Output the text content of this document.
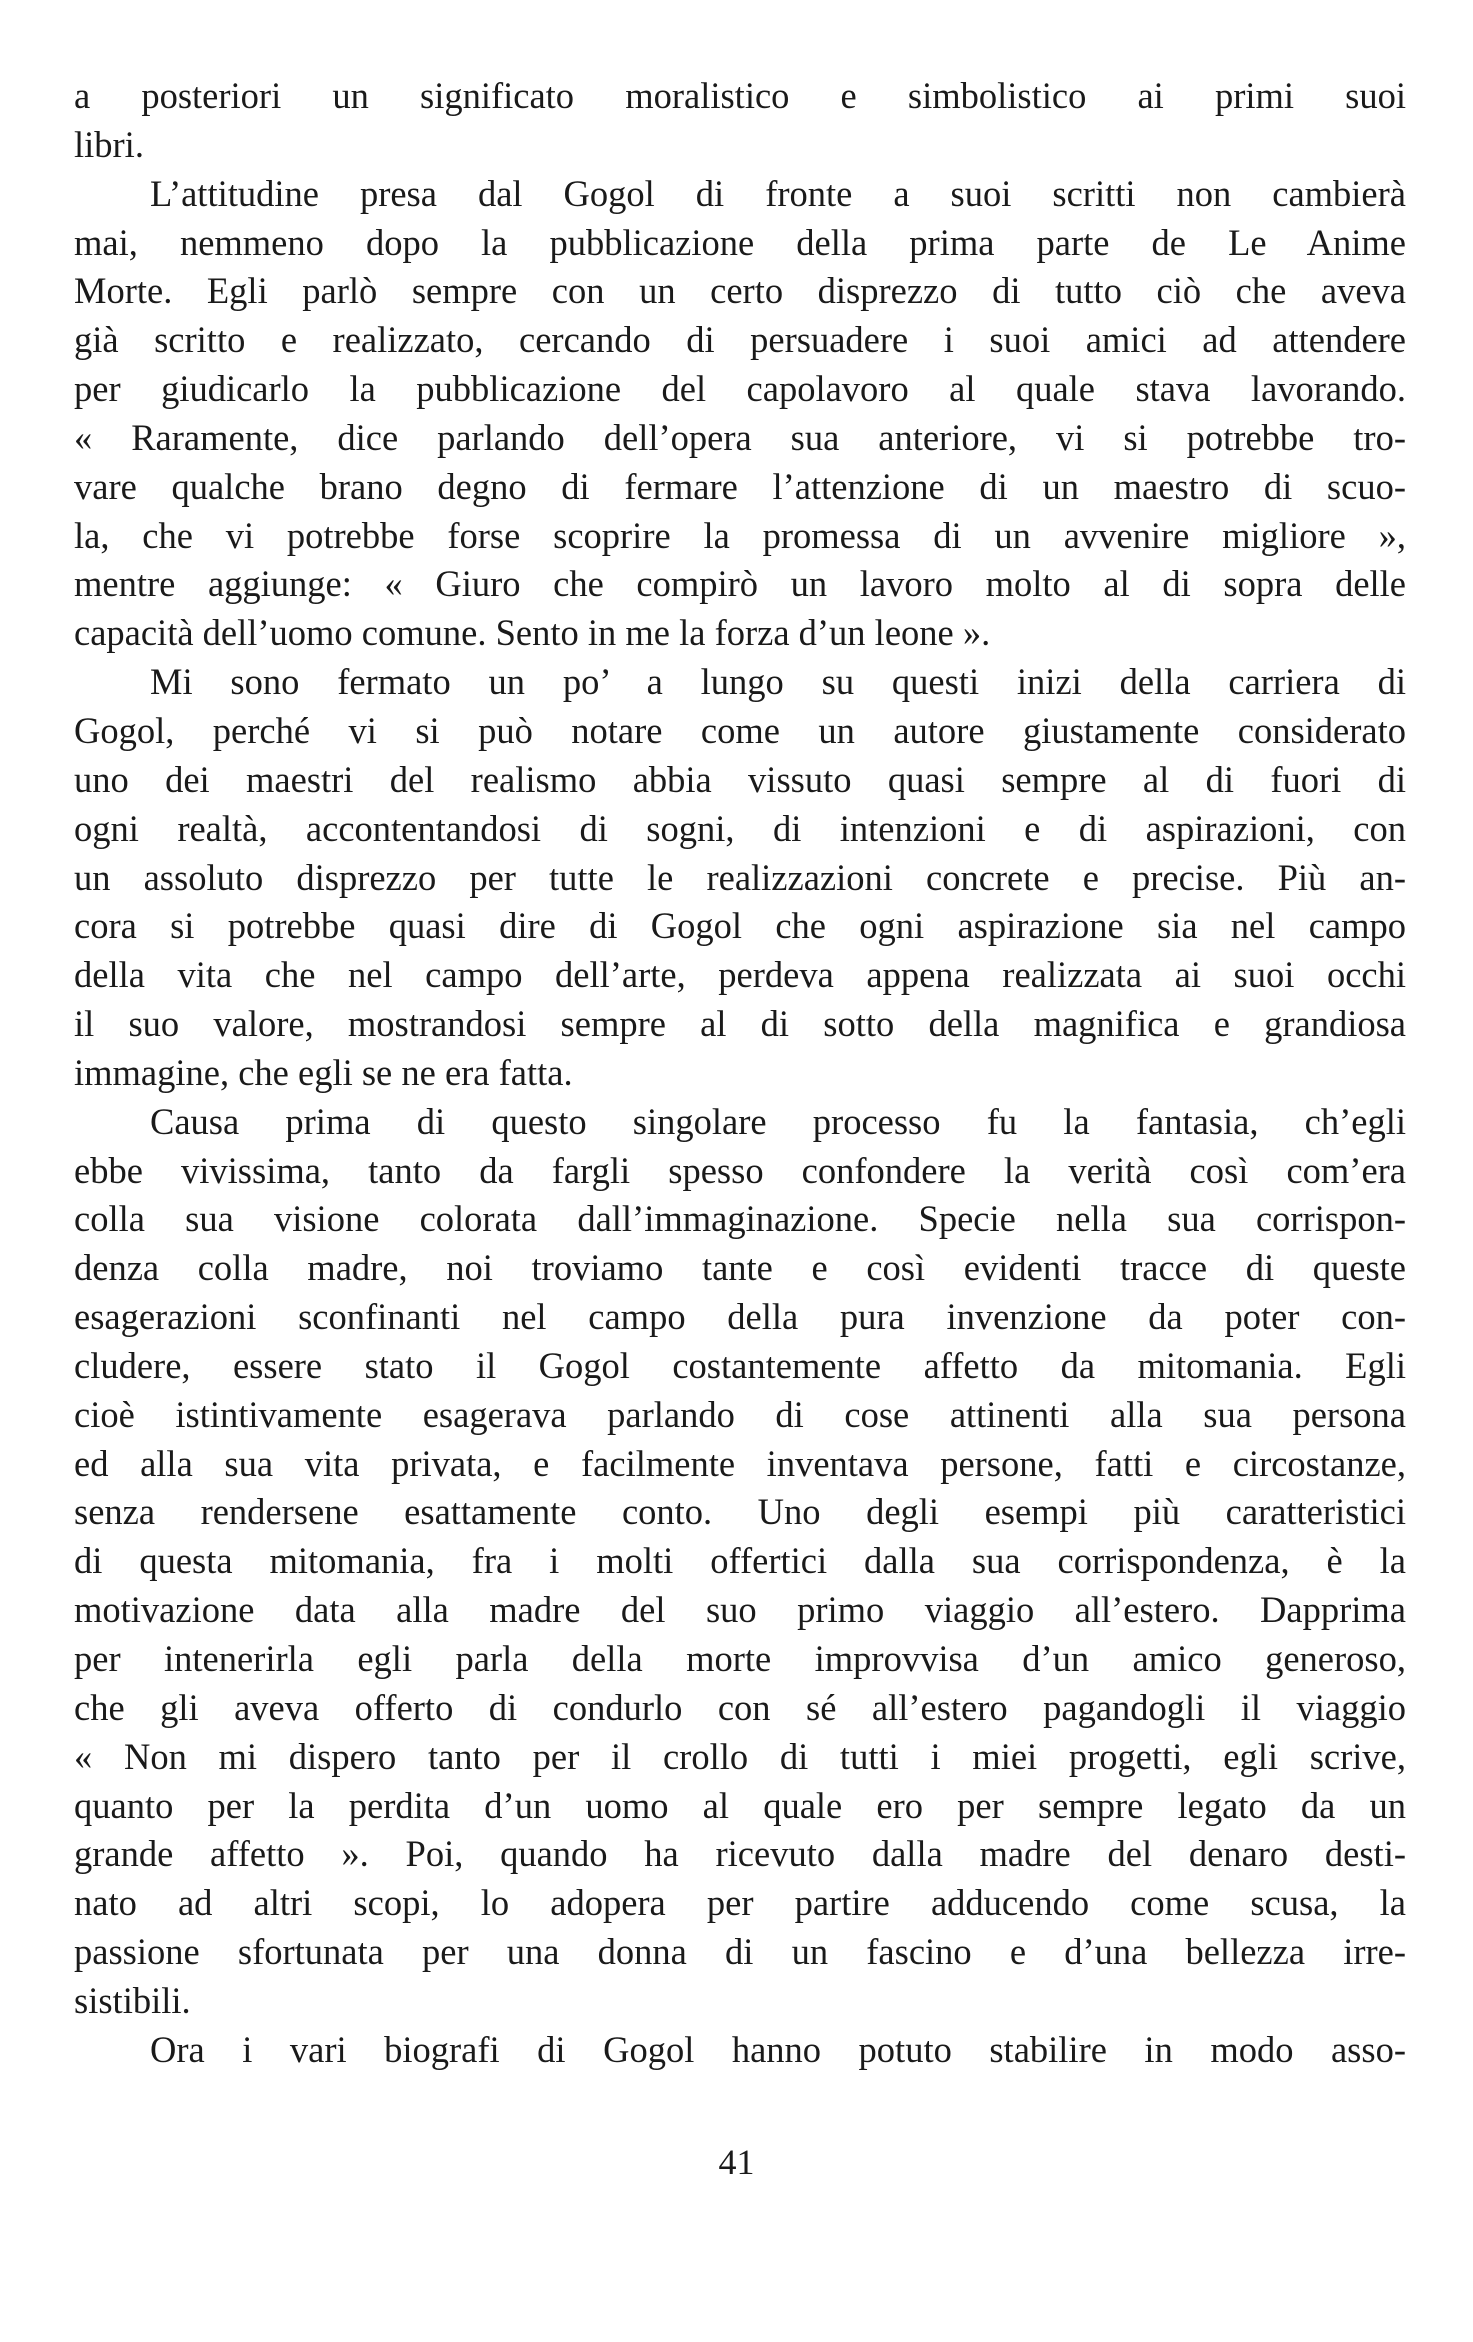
a posteriori un significato moralistico e simbolistico ai primi suoi
libri.
L’attitudine presa dal Gogol di fronte a suoi scritti non cambierà
mai, nemmeno dopo la pubblicazione della prima parte de Le Anime
Morte. Egli parlò sempre con un certo disprezzo di tutto ciò che aveva
già scritto e realizzato, cercando di persuadere i suoi amici ad attendere
per giudicarlo la pubblicazione del capolavoro al quale stava lavorando.
« Raramente, dice parlando dell’opera sua anteriore, vi si potrebbe tro-
vare qualche brano degno di fermare l’attenzione di un maestro di scuo-
la, che vi potrebbe forse scoprire la promessa di un avvenire migliore »,
mentre aggiunge: « Giuro che compirò un lavoro molto al di sopra delle
capacità dell’uomo comune. Sento in me la forza d’un leone ».
Mi sono fermato un po’ a lungo su questi inizi della carriera di
Gogol, perché vi si può notare come un autore giustamente considerato
uno dei maestri del realismo abbia vissuto quasi sempre al di fuori di
ogni realtà, accontentandosi di sogni, di intenzioni e di aspirazioni, con
un assoluto disprezzo per tutte le realizzazioni concrete e precise. Più an-
cora si potrebbe quasi dire di Gogol che ogni aspirazione sia nel campo
della vita che nel campo dell’arte, perdeva appena realizzata ai suoi occhi
il suo valore, mostrandosi sempre al di sotto della magnifica e grandiosa
immagine, che egli se ne era fatta.
Causa prima di questo singolare processo fu la fantasia, ch’egli
ebbe vivissima, tanto da fargli spesso confondere la verità così com’era
colla sua visione colorata dall’immaginazione. Specie nella sua corrispon-
denza colla madre, noi troviamo tante e così evidenti tracce di queste
esagerazioni sconfinanti nel campo della pura invenzione da poter con-
cludere, essere stato il Gogol costantemente affetto da mitomania. Egli
cioè istintivamente esagerava parlando di cose attinenti alla sua persona
ed alla sua vita privata, e facilmente inventava persone, fatti e circostanze,
senza rendersene esattamente conto. Uno degli esempi più caratteristici
di questa mitomania, fra i molti offertici dalla sua corrispondenza, è la
motivazione data alla madre del suo primo viaggio all’estero. Dapprima
per intenerirla egli parla della morte improvvisa d’un amico generoso,
che gli aveva offerto di condurlo con sé all’estero pagandogli il viaggio
« Non mi dispero tanto per il crollo di tutti i miei progetti, egli scrive,
quanto per la perdita d’un uomo al quale ero per sempre legato da un
grande affetto ». Poi, quando ha ricevuto dalla madre del denaro desti-
nato ad altri scopi, lo adopera per partire adducendo come scusa, la
passione sfortunata per una donna di un fascino e d’una bellezza irre-
sistibili.
Ora i vari biografi di Gogol hanno potuto stabilire in modo asso-
41
